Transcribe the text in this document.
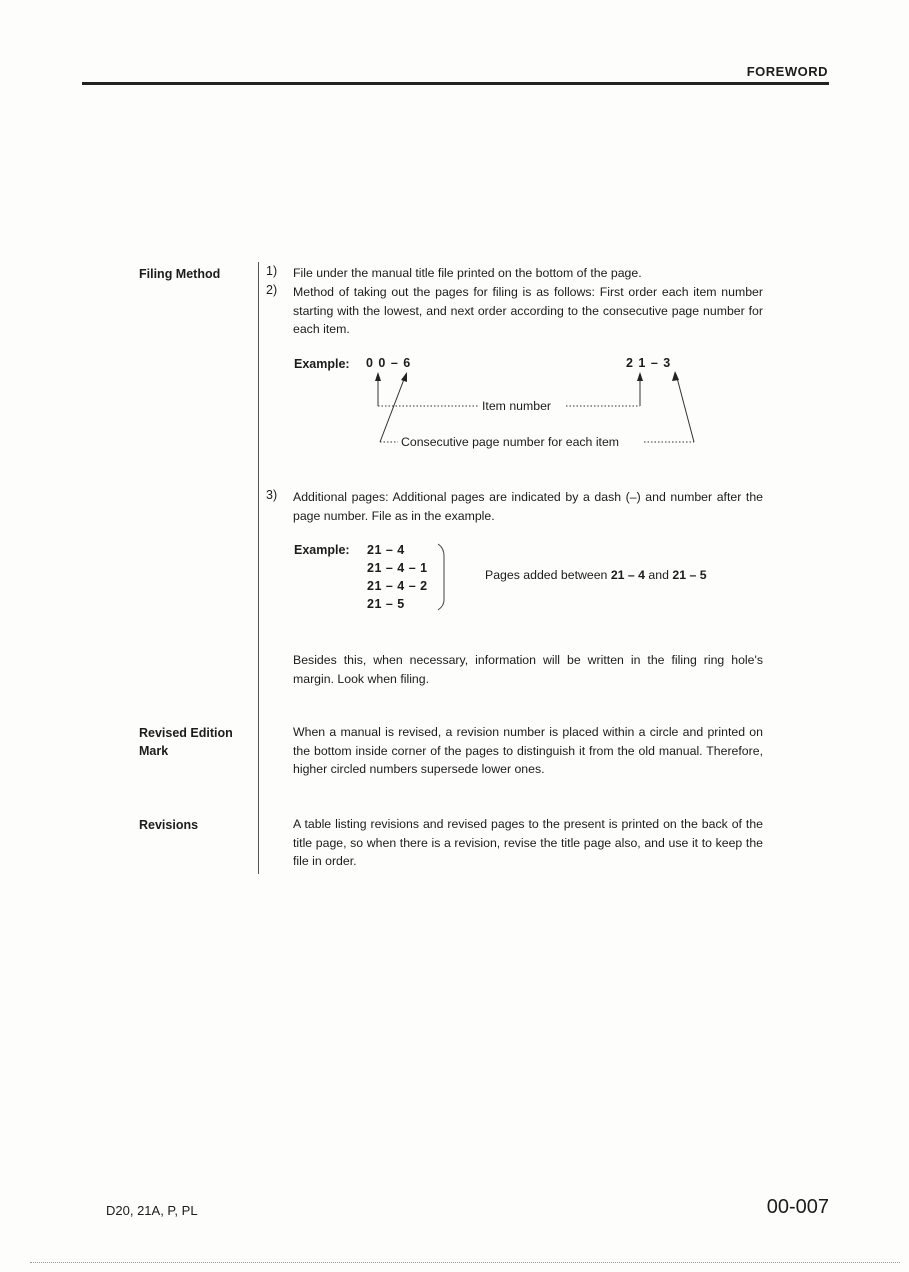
FOREWORD
Filing Method
Revised Edition
Mark
Revisions
1) File under the manual title file printed on the bottom of the page.
2) Method of taking out the pages for filing is as follows: First order each item number starting with the lowest, and next order according to the consecutive page number for each item.
Example: 0 0 – 6	2 1 – 3
Item number
Consecutive page number for each item
3) Additional pages: Additional pages are indicated by a dash (–) and number after the page number. File as in the example.
Example: 21 – 4
21 – 4 – 1
21 – 4 – 2
21 – 5
Pages added between 21 – 4 and 21 – 5
Besides this, when necessary, information will be written in the filing ring hole's margin. Look when filing.
When a manual is revised, a revision number is placed within a circle and printed on the bottom inside corner of the pages to distinguish it from the old manual. Therefore, higher circled numbers supersede lower ones.
A table listing revisions and revised pages to the present is printed on the back of the title page, so when there is a revision, revise the title page also, and use it to keep the file in order.
D20, 21A, P, PL	00-007
